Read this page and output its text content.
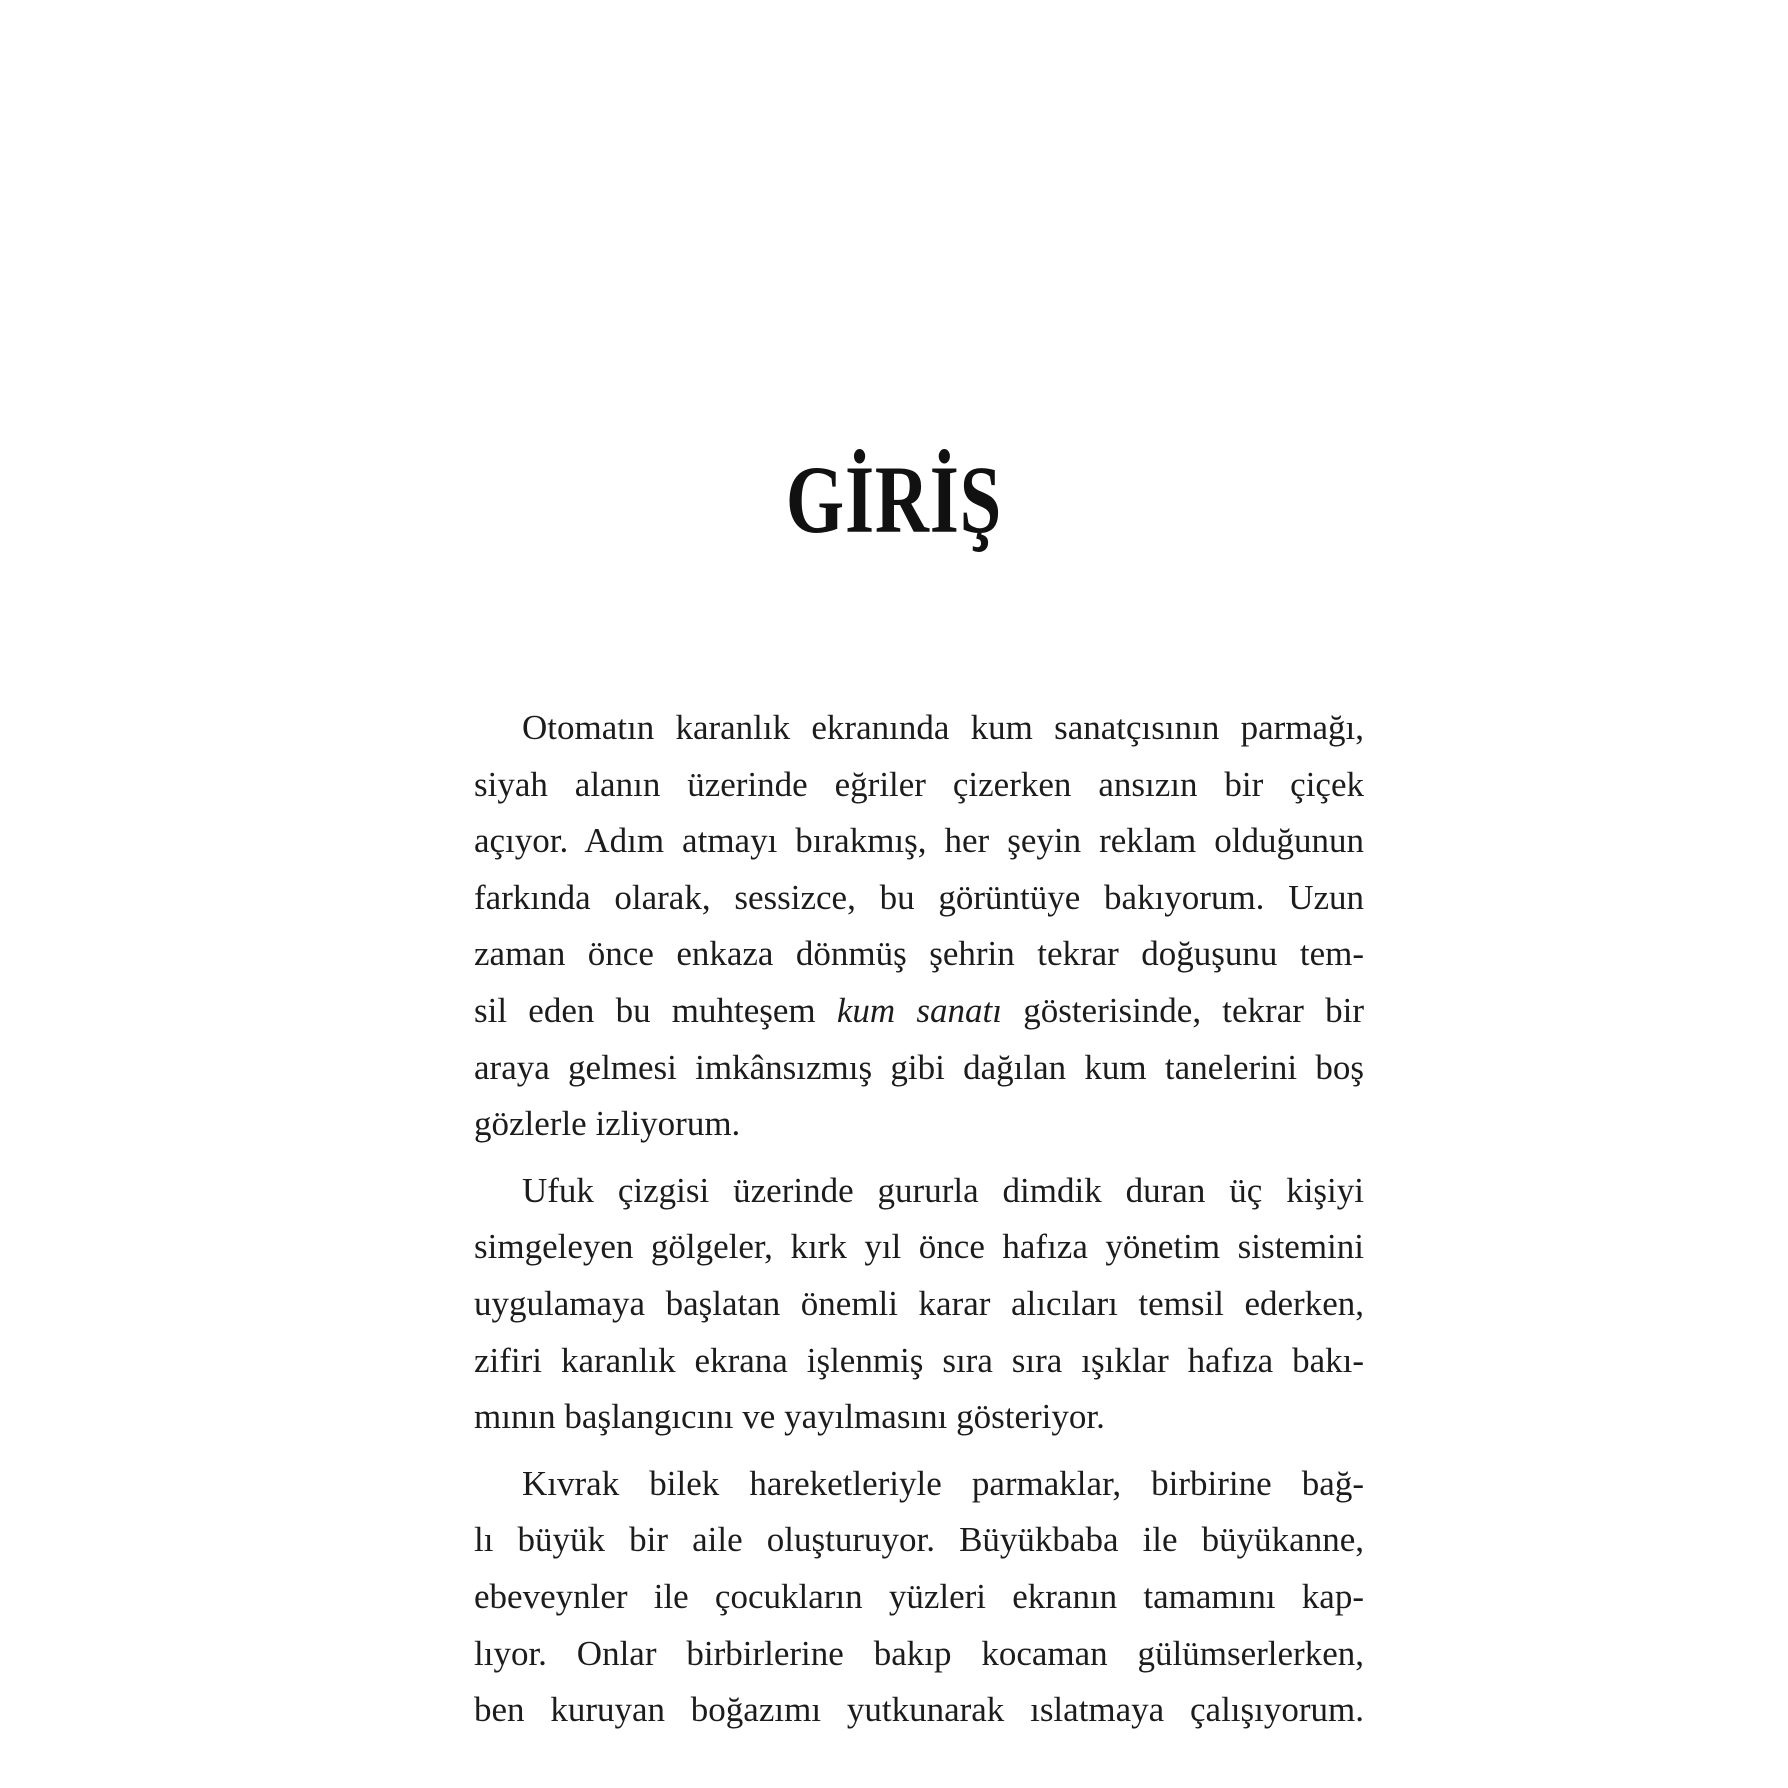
GİRİŞ

Otomatın karanlık ekranında kum sanatçısının parmağı,
siyah alanın üzerinde eğriler çizerken ansızın bir çiçek
açıyor. Adım atmayı bırakmış, her şeyin reklam olduğunun
farkında olarak, sessizce, bu görüntüye bakıyorum. Uzun
zaman önce enkaza dönmüş şehrin tekrar doğuşunu tem-
sil eden bu muhteşem kum sanatı gösterisinde, tekrar bir
araya gelmesi imkânsızmış gibi dağılan kum tanelerini boş
gözlerle izliyorum.

Ufuk çizgisi üzerinde gururla dimdik duran üç kişiyi
simgeleyen gölgeler, kırk yıl önce hafıza yönetim sistemini
uygulamaya başlatan önemli karar alıcıları temsil ederken,
zifiri karanlık ekrana işlenmiş sıra sıra ışıklar hafıza bakı-
mının başlangıcını ve yayılmasını gösteriyor.

Kıvrak bilek hareketleriyle parmaklar, birbirine bağ-
lı büyük bir aile oluşturuyor. Büyükbaba ile büyükanne,
ebeveynler ile çocukların yüzleri ekranın tamamını kap-
lıyor. Onlar birbirlerine bakıp kocaman gülümserlerken,
ben kuruyan boğazımı yutkunarak ıslatmaya çalışıyorum.
